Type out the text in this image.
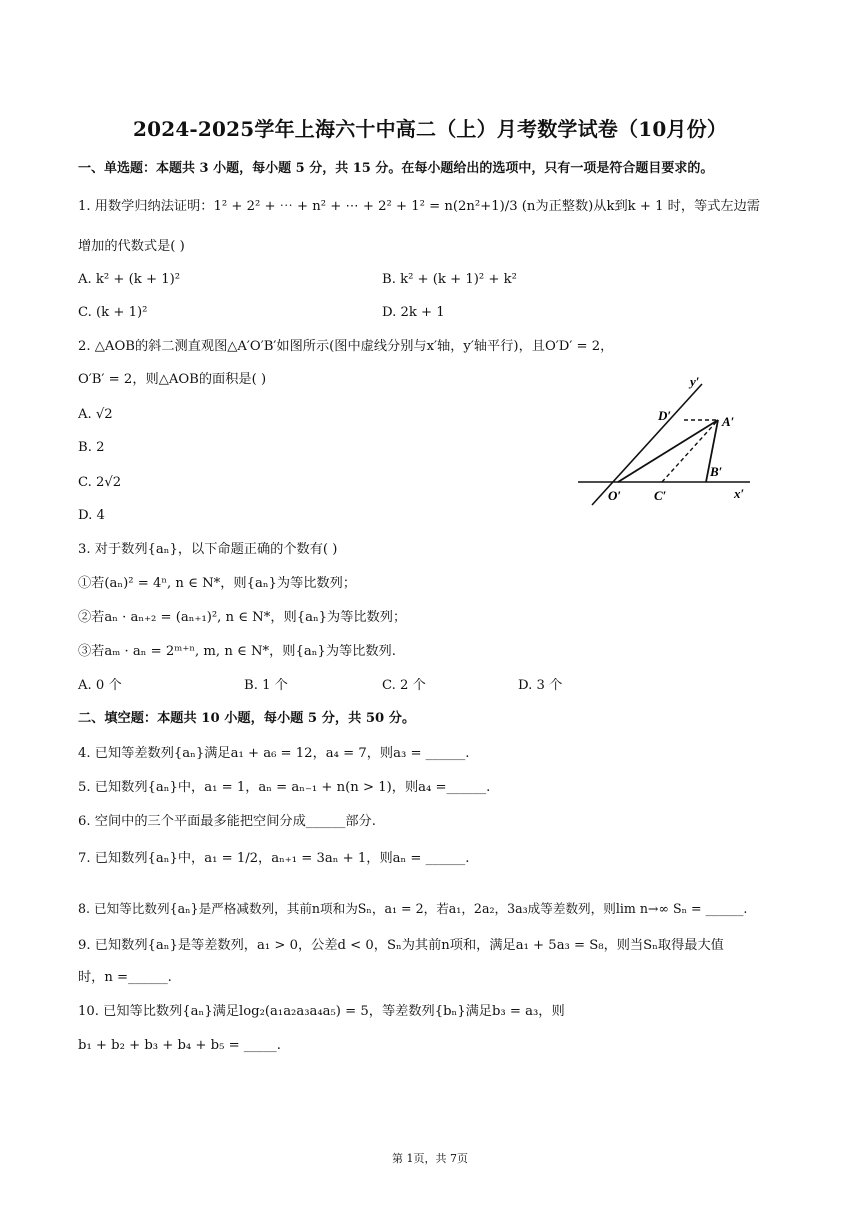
2024-2025学年上海六十中高二（上）月考数学试卷（10月份）
一、单选题：本题共 3 小题，每小题 5 分，共 15 分。在每小题给出的选项中，只有一项是符合题目要求的。
1. 用数学归纳法证明：1² + 2² + ⋯ + n² + ⋯ + 2² + 1² = n(2n²+1)/3 (n为正整数)从k到k + 1 时，等式左边需
增加的代数式是( )
A. k² + (k + 1)²	B. k² + (k + 1)² + k²
C. (k + 1)²	D. 2k + 1
2. △AOB的斜二测直观图△A′O′B′如图所示(图中虚线分别与x′轴，y′轴平行)，且O′D′ = 2，
O′B′ = 2，则△AOB的面积是( )
A. √2
B. 2
C. 2√2
D. 4
y′
D′	A′
B′
O′	C′	x′
3. 对于数列{aₙ}，以下命题正确的个数有( )
①若(aₙ)² = 4ⁿ, n ∈ N*，则{aₙ}为等比数列；
②若aₙ · aₙ₊₂ = (aₙ₊₁)², n ∈ N*，则{aₙ}为等比数列；
③若aₘ · aₙ = 2ᵐ⁺ⁿ, m, n ∈ N*，则{aₙ}为等比数列.
A. 0 个	B. 1 个	C. 2 个	D. 3 个
二、填空题：本题共 10 小题，每小题 5 分，共 50 分。
4. 已知等差数列{aₙ}满足a₁ + a₆ = 12，a₄ = 7，则a₃ = ______.
5. 已知数列{aₙ}中，a₁ = 1，aₙ = aₙ₋₁ + n(n > 1)，则a₄ =______.
6. 空间中的三个平面最多能把空间分成______部分.
7. 已知数列{aₙ}中，a₁ = 1/2，aₙ₊₁ = 3aₙ + 1，则aₙ = ______.
8. 已知等比数列{aₙ}是严格减数列，其前n项和为Sₙ，a₁ = 2，若a₁，2a₂，3a₃成等差数列，则lim n→∞ Sₙ = ______.
9. 已知数列{aₙ}是等差数列，a₁ > 0，公差d < 0，Sₙ为其前n项和，满足a₁ + 5a₃ = S₈，则当Sₙ取得最大值
时，n =______.
10. 已知等比数列{aₙ}满足log₂(a₁a₂a₃a₄a₅) = 5，等差数列{bₙ}满足b₃ = a₃，则
b₁ + b₂ + b₃ + b₄ + b₅ = _____.
第 1页，共 7页
